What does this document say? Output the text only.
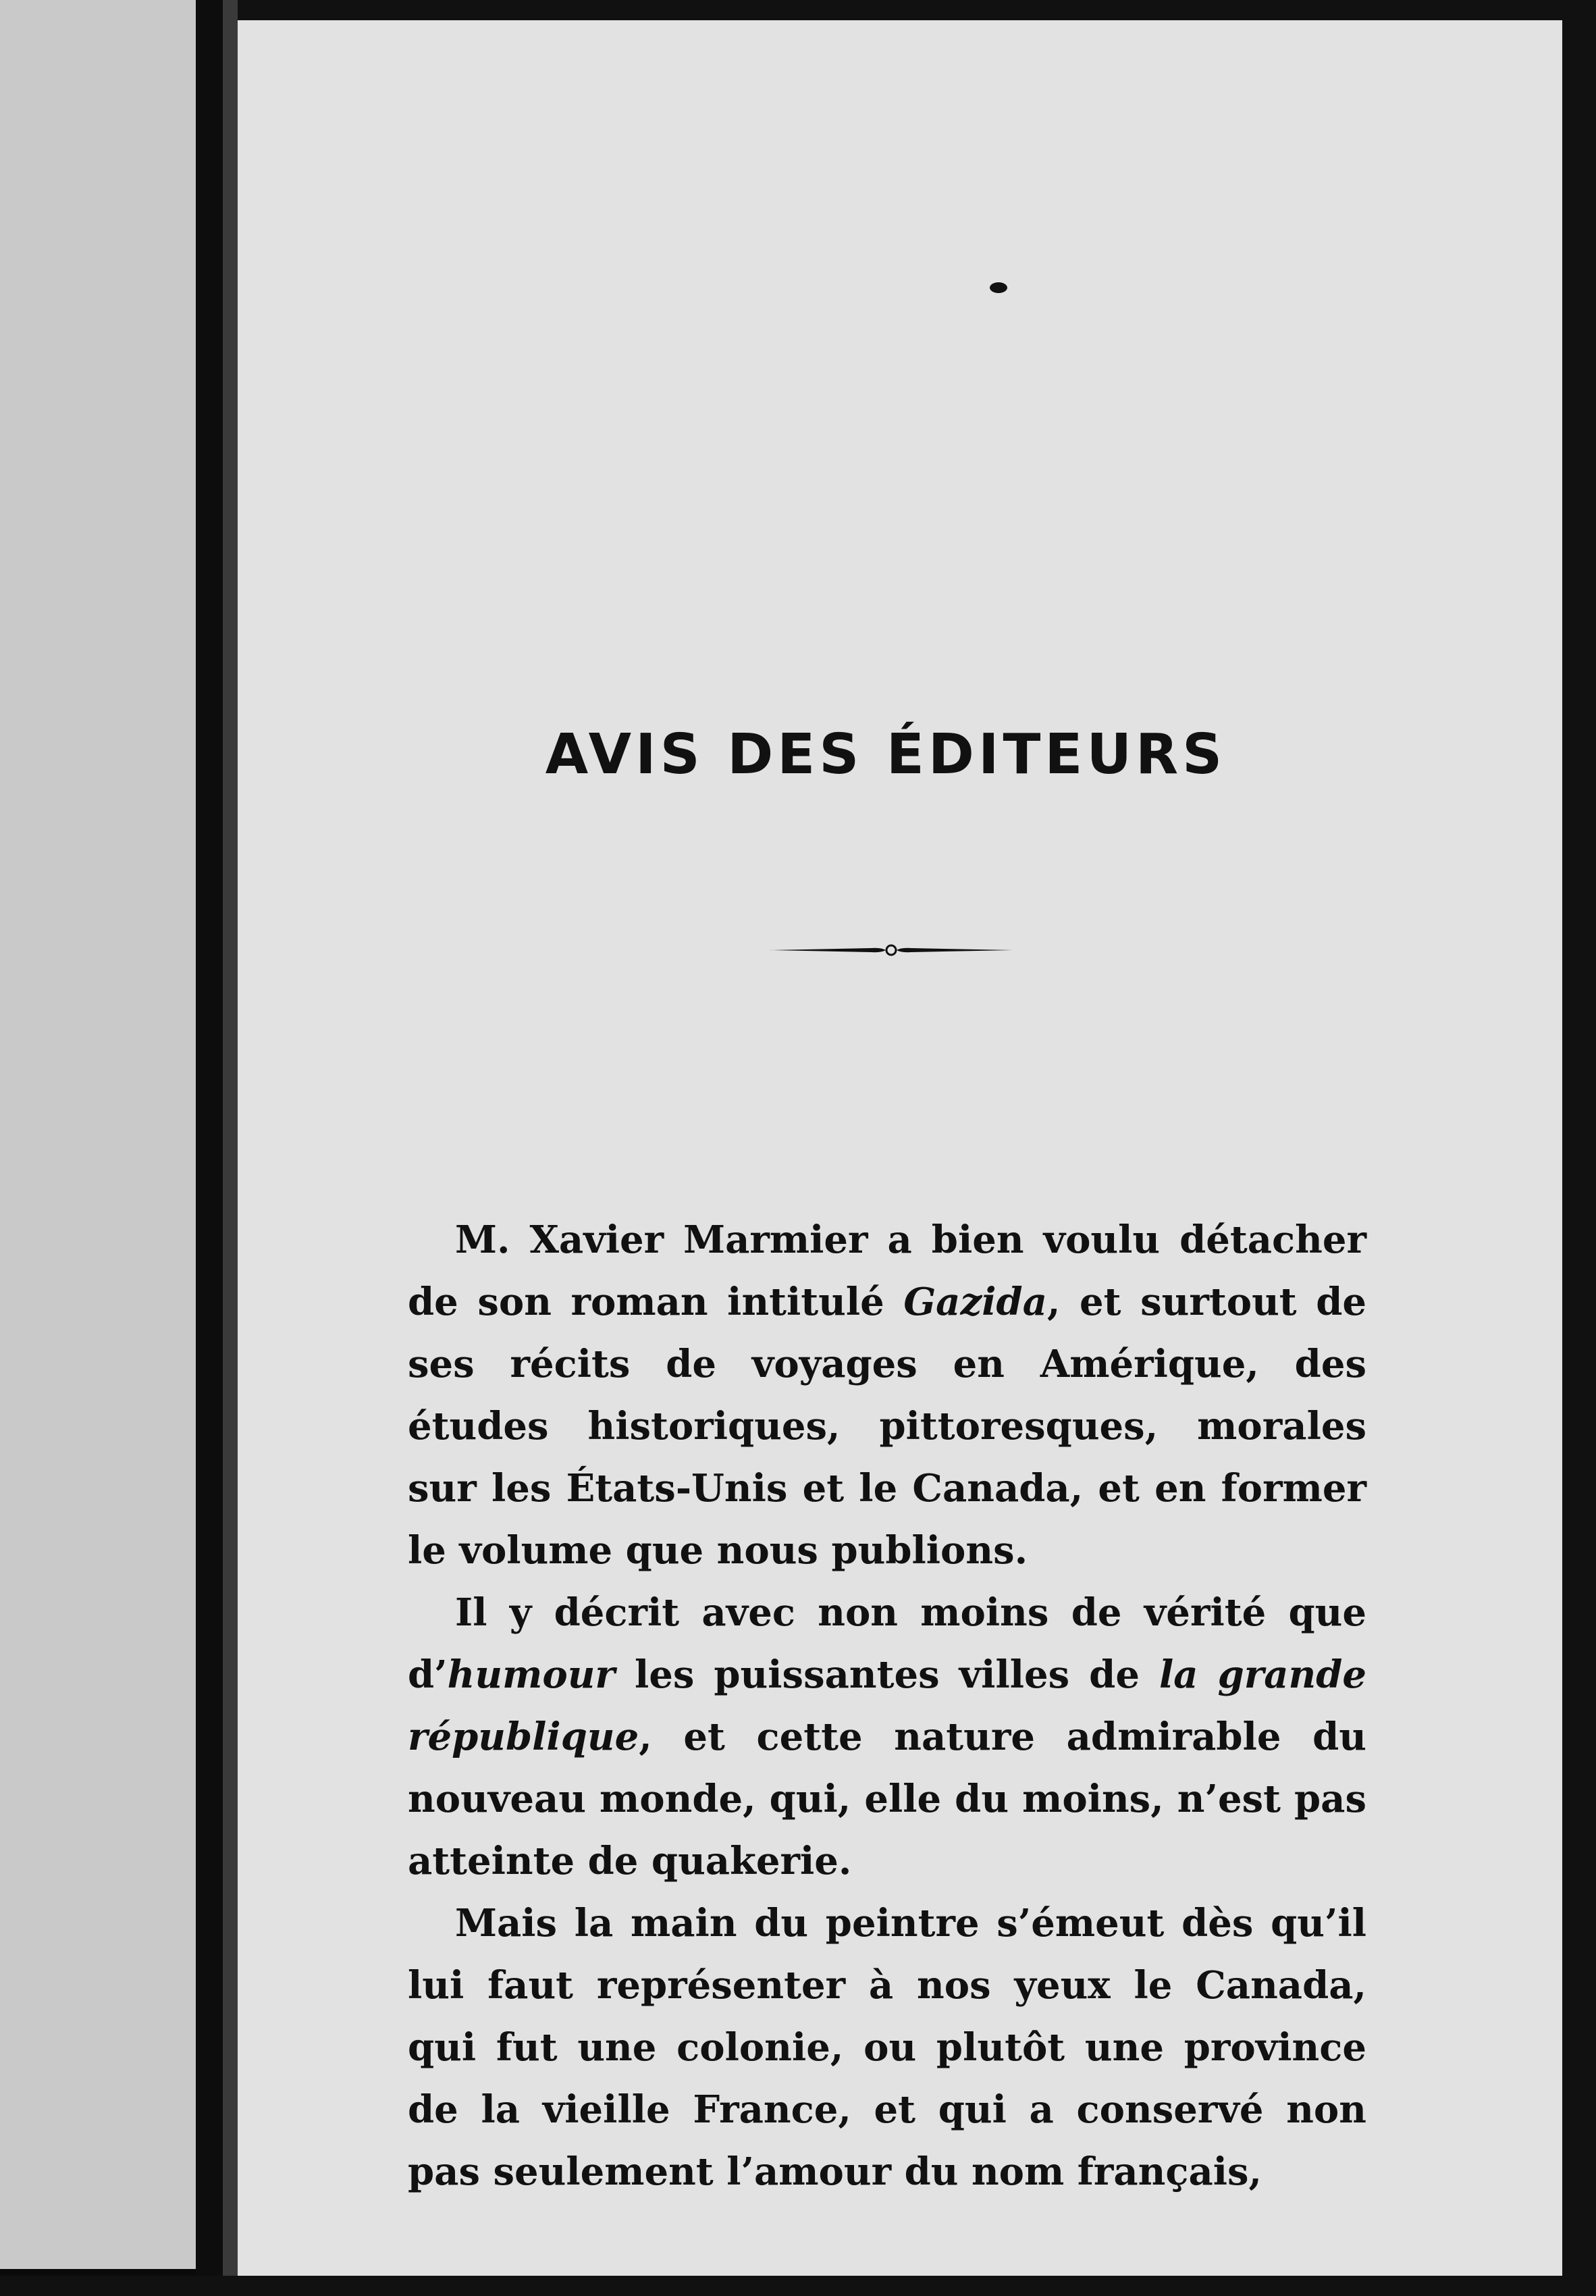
AVIS DES ÉDITEURS

M. Xavier Marmier a bien voulu détacher de son roman intitulé Gazida, et surtout de ses récits de voyages en Amérique, des études historiques, pittoresques, morales sur les États-Unis et le Canada, et en former le volume que nous publions.

Il y décrit avec non moins de vérité que d’humour les puissantes villes de la grande république, et cette nature admirable du nouveau monde, qui, elle du moins, n’est pas atteinte de quakerie.

Mais la main du peintre s’émeut dès qu’il lui faut représenter à nos yeux le Canada, qui fut une colonie, ou plutôt une province de la vieille France, et qui a conservé non pas seulement l’amour du nom français,
